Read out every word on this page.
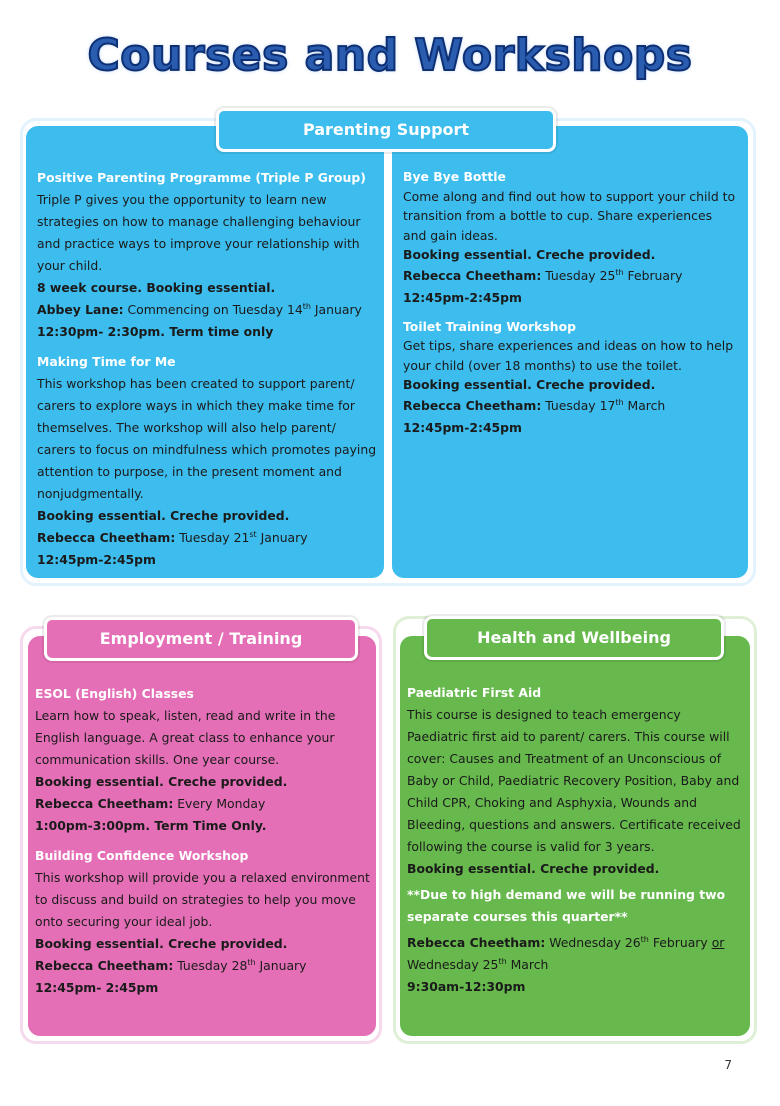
Courses and Workshops
Parenting Support

Positive Parenting Programme (Triple P Group)

Triple P gives you the opportunity to learn new strategies on how to manage challenging behaviour and practice ways to improve your relationship with your child.

8 week course. Booking essential.

Abbey Lane: Commencing on Tuesday 14th January

12:30pm- 2:30pm. Term time only

Making Time for Me

This workshop has been created to support parent/ carers to explore ways in which they make time for themselves. The workshop will also help parent/ carers to focus on mindfulness which promotes paying attention to purpose, in the present moment and nonjudgmentally.

Booking essential. Creche provided.

Rebecca Cheetham: Tuesday 21st January

12:45pm-2:45pm

Bye Bye Bottle

Come along and find out how to support your child to transition from a bottle to cup. Share experiences and gain ideas.

Booking essential. Creche provided.

Rebecca Cheetham: Tuesday 25th February

12:45pm-2:45pm

Toilet Training Workshop

Get tips, share experiences and ideas on how to help your child (over 18 months) to use the toilet.

Booking essential. Creche provided.

Rebecca Cheetham: Tuesday 17th March

12:45pm-2:45pm

Employment / Training

ESOL (English) Classes

Learn how to speak, listen, read and write in the English language. A great class to enhance your communication skills. One year course.

Booking essential. Creche provided.

Rebecca Cheetham: Every Monday

1:00pm-3:00pm. Term Time Only.

Building Confidence Workshop

This workshop will provide you a relaxed environment to discuss and build on strategies to help you move onto securing your ideal job.

Booking essential. Creche provided.

Rebecca Cheetham: Tuesday 28th January

12:45pm- 2:45pm

Health and Wellbeing

Paediatric First Aid

This course is designed to teach emergency Paediatric first aid to parent/ carers. This course will cover: Causes and Treatment of an Unconscious of Baby or Child, Paediatric Recovery Position, Baby and Child CPR, Choking and Asphyxia, Wounds and Bleeding, questions and answers. Certificate received following the course is valid for 3 years.

Booking essential. Creche provided.

**Due to high demand we will be running two separate courses this quarter**

Rebecca Cheetham: Wednesday 26th February or

Wednesday 25th March

9:30am-12:30pm

7
